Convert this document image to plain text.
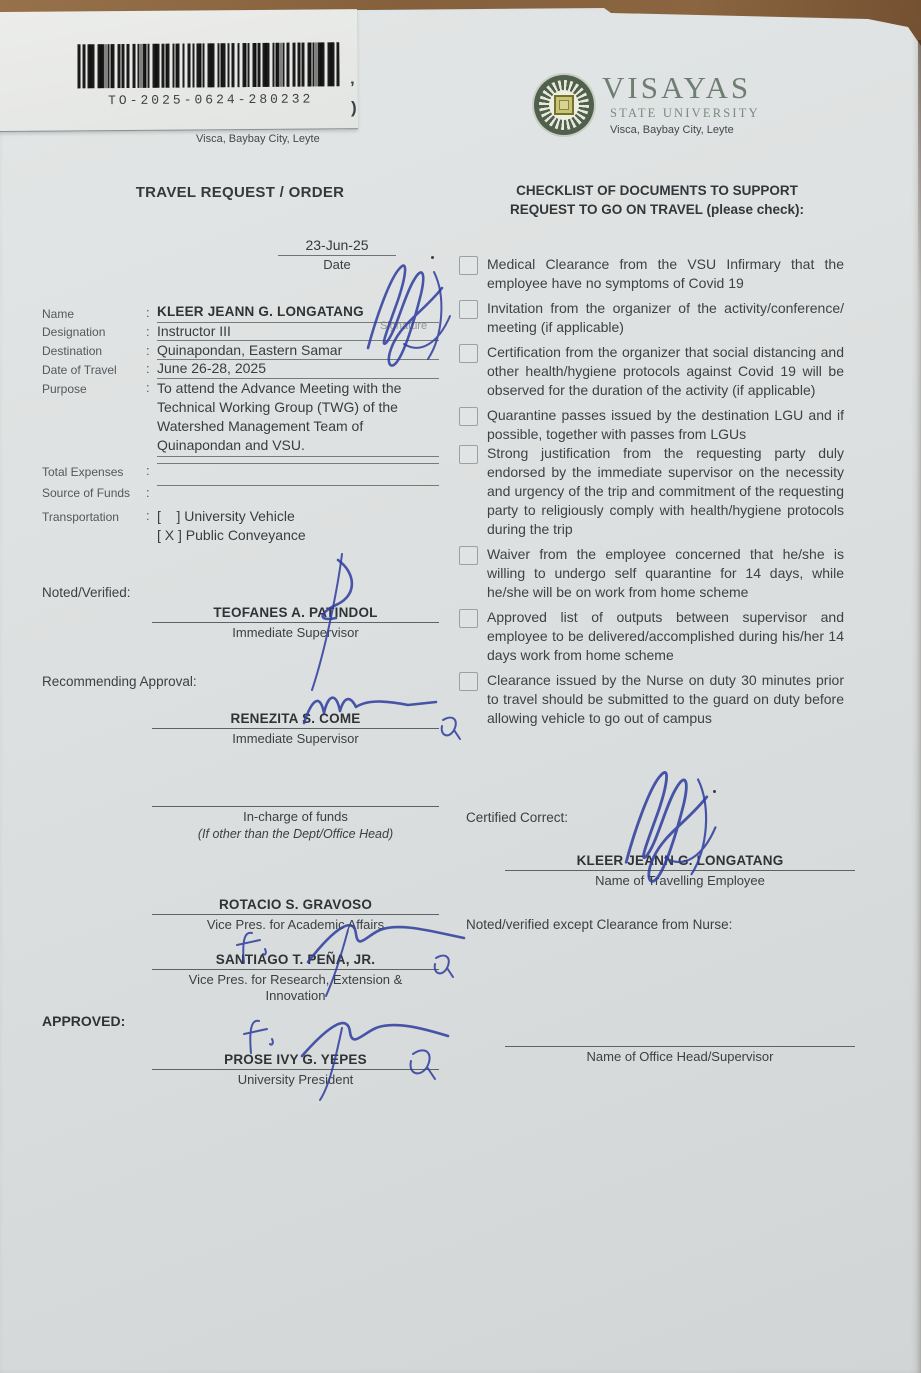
TO-2025-0624-280232
’
)
Visca, Baybay City, Leyte
VISAYAS
STATE UNIVERSITY
Visca, Baybay City, Leyte
TRAVEL REQUEST / ORDER	CHECKLIST OF DOCUMENTS TO SUPPORT
REQUEST TO GO ON TRAVEL (please check):
23-Jun-25
Date
Signature
Name	: KLEER JEANN G. LONGATANG
Designation	: Instructor III
Destination	: Quinapondan, Eastern Samar
Date of Travel	: June 26-28, 2025
Purpose	: To attend the Advance Meeting with the Technical Working Group (TWG) of the Watershed Management Team of Quinapondan and VSU.
Total Expenses	:
Source of Funds	:
Transportation	: [    ] University Vehicle
[ X ] Public Conveyance
Noted/Verified:
TEOFANES A. PATINDOL
Immediate Supervisor
Recommending Approval:
RENEZITA S. COME
Immediate Supervisor
In-charge of funds
(If other than the Dept/Office Head)
ROTACIO S. GRAVOSO
Vice Pres. for Academic Affairs
SANTIAGO T. PEÑA, JR.
Vice Pres. for Research, Extension &
Innovation
APPROVED:
PROSE IVY G. YEPES
University President
Medical Clearance from the VSU Infirmary that the employee have no symptoms of Covid 19
Invitation from the organizer of the activity/conference/ meeting (if applicable)
Certification from the organizer that social distancing and other health/hygiene protocols against Covid 19 will be observed for the duration of the activity (if applicable)
Quarantine passes issued by the destination LGU and if possible, together with passes from LGUs
Strong justification from the requesting party duly endorsed by the immediate supervisor on the necessity and urgency of the trip and commitment of the requesting party to religiously comply with health/hygiene protocols during the trip
Waiver from the employee concerned that he/she is willing to undergo self quarantine for 14 days, while he/she will be on work from home scheme
Approved list of outputs between supervisor and employee to be delivered/accomplished during his/her 14 days work from home scheme
Clearance issued by the Nurse on duty 30 minutes prior to travel should be submitted to the guard on duty before allowing vehicle to go out of campus
Certified Correct:
KLEER JEANN G. LONGATANG
Name of Travelling Employee
Noted/verified except Clearance from Nurse:
Name of Office Head/Supervisor
